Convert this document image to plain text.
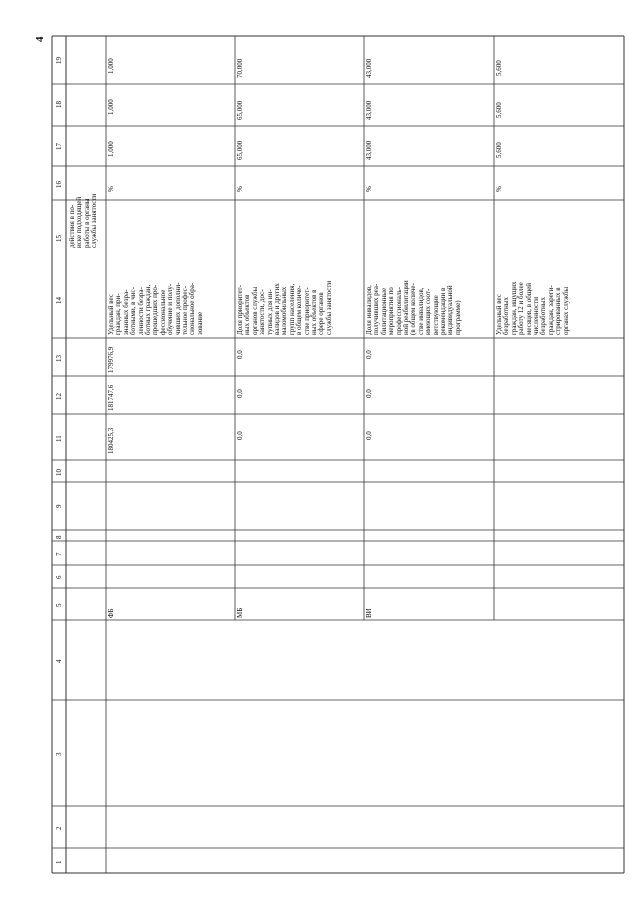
4
19
18
17
16
15
14
13
12
11
10
9
8
7
6
5
4
3
2
1
1,000
1,000
1,000
%
действия в по-
иске подходящей
работы в органы
службы занятости
Удельный вес
граждан, при-
знанных безра-
ботными, в чис-
ленности безра-
ботных граждан,
прошедших про-
фессиональное
обучение и полу-
чивших дополни-
тельное профес-
сиональное обра-
зование
179976,9
181747,6
180425,3
ФБ
70,000
65,000
65,000
%
Доля приоритет-
ных объектов
органов службы
занятости, дос-
тупных для ин-
валидов и других
маломобильных
групп населения,
в общем количе-
стве приоритет-
ных объектов в
сфере органов
службы занятости
0,0
0,0
0,0
МБ
43,000
43,000
43,000
%
Доля инвалидов,
получивших реа-
билитационные
мероприятия по
профессиональ-
ной реабилитации
(в общем количе-
стве инвалидов,
имеющих соот-
ветствующие
рекомендации в
индивидуальной
программе)
0,0
0,0
0,0
ВИ
5,600
5,600
5,600
%
Удельный вес
безработных
граждан, ищущих
работу 12 и более
месяцев, в общей
численности
безработных
граждан, зареги-
стрированных в
органах службы
